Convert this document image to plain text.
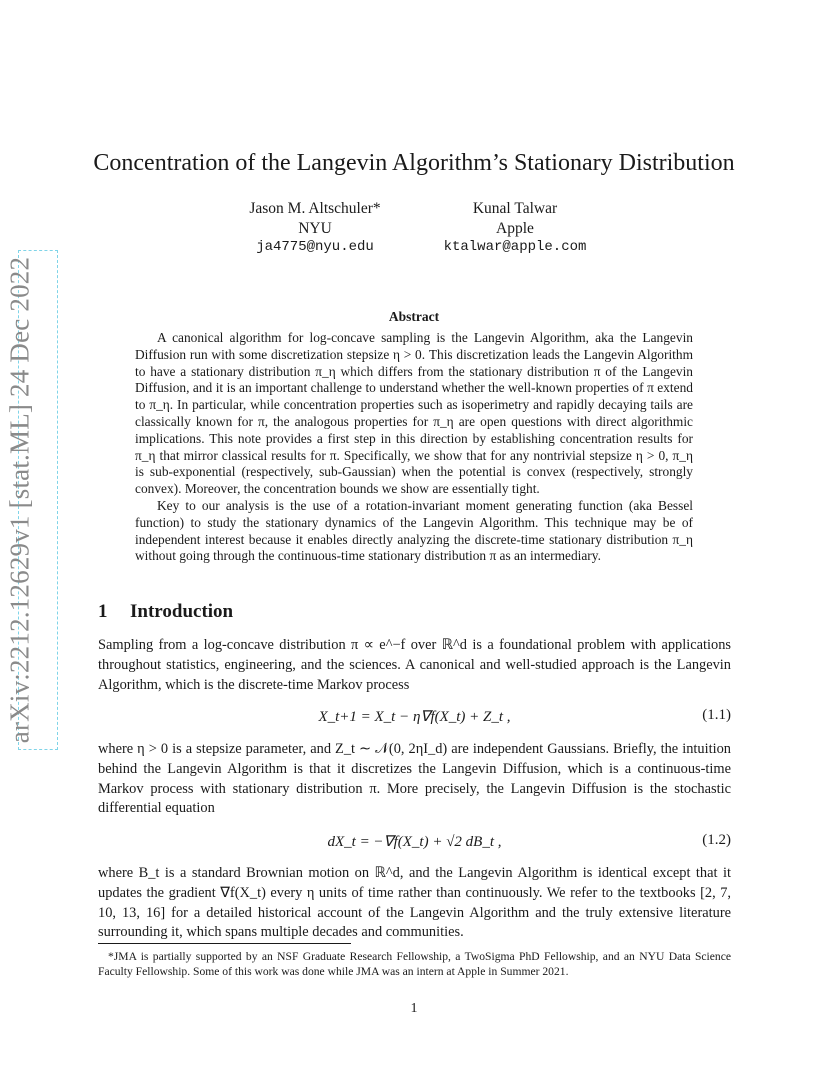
arXiv:2212.12629v1 [stat.ML] 24 Dec 2022
Concentration of the Langevin Algorithm’s Stationary Distribution
Jason M. Altschuler*
NYU
ja4775@nyu.edu
Kunal Talwar
Apple
ktalwar@apple.com
Abstract

A canonical algorithm for log-concave sampling is the Langevin Algorithm, aka the Langevin Diffusion run with some discretization stepsize η > 0. This discretization leads the Langevin Algorithm to have a stationary distribution π_η which differs from the stationary distribution π of the Langevin Diffusion, and it is an important challenge to understand whether the well-known properties of π extend to π_η. In particular, while concentration properties such as isoperimetry and rapidly decaying tails are classically known for π, the analogous properties for π_η are open questions with direct algorithmic implications. This note provides a first step in this direction by establishing concentration results for π_η that mirror classical results for π. Specifically, we show that for any nontrivial stepsize η > 0, π_η is sub-exponential (respectively, sub-Gaussian) when the potential is convex (respectively, strongly convex). Moreover, the concentration bounds we show are essentially tight.

Key to our analysis is the use of a rotation-invariant moment generating function (aka Bessel function) to study the stationary dynamics of the Langevin Algorithm. This technique may be of independent interest because it enables directly analyzing the discrete-time stationary distribution π_η without going through the continuous-time stationary distribution π as an intermediary.

1 Introduction

Sampling from a log-concave distribution π ∝ e^−f over ℝ^d is a foundational problem with applications throughout statistics, engineering, and the sciences. A canonical and well-studied approach is the Langevin Algorithm, which is the discrete-time Markov process

X_t+1 = X_t − η∇f(X_t) + Z_t ,	(1.1)

where η > 0 is a stepsize parameter, and Z_t ∼ 𝒩(0, 2ηI_d) are independent Gaussians. Briefly, the intuition behind the Langevin Algorithm is that it discretizes the Langevin Diffusion, which is a continuous-time Markov process with stationary distribution π. More precisely, the Langevin Diffusion is the stochastic differential equation

dX_t = −∇f(X_t) + √2 dB_t ,	(1.2)

where B_t is a standard Brownian motion on ℝ^d, and the Langevin Algorithm is identical except that it updates the gradient ∇f(X_t) every η units of time rather than continuously. We refer to the textbooks [2, 7, 10, 13, 16] for a detailed historical account of the Langevin Algorithm and the truly extensive literature surrounding it, which spans multiple decades and communities.

*JMA is partially supported by an NSF Graduate Research Fellowship, a TwoSigma PhD Fellowship, and an NYU Data Science Faculty Fellowship. Some of this work was done while JMA was an intern at Apple in Summer 2021.

1
